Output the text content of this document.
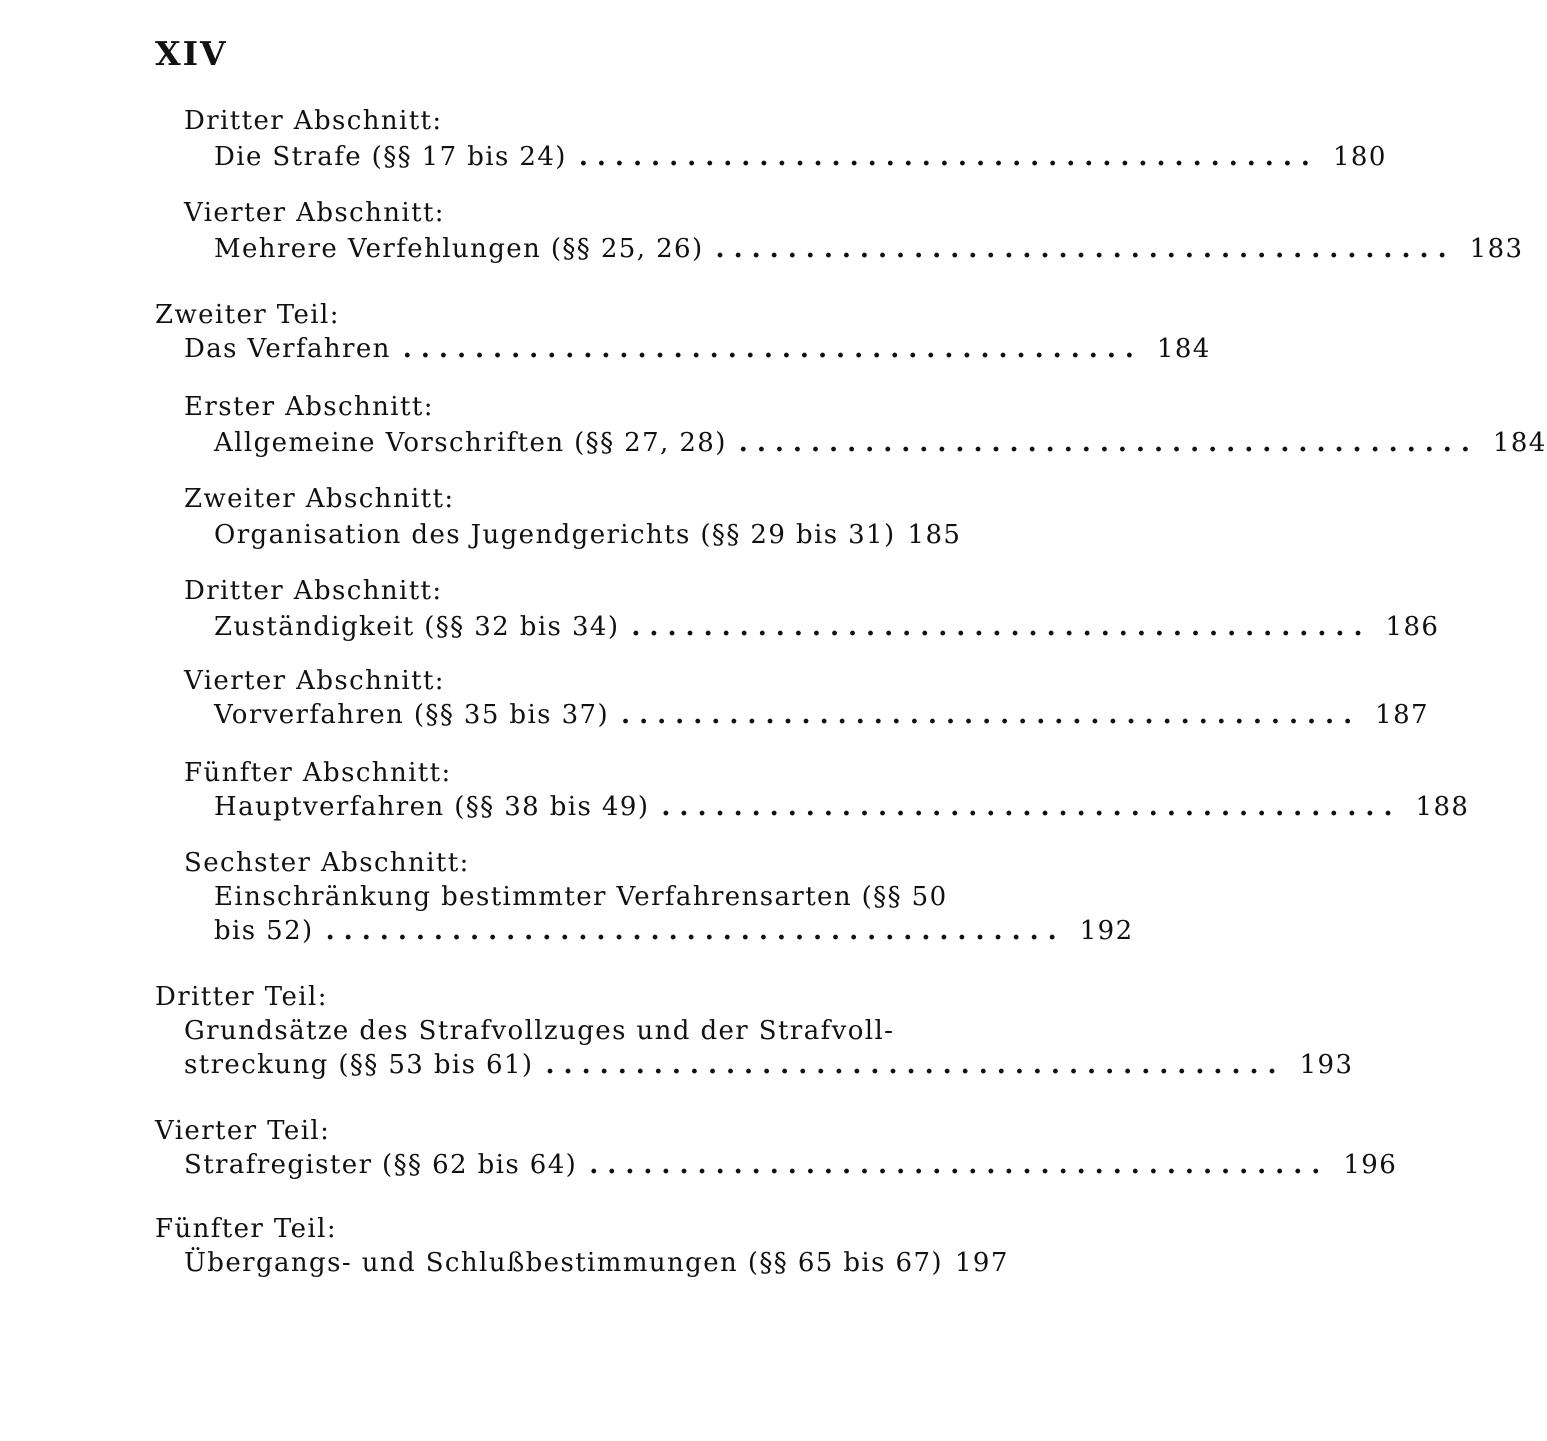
XIV
Dritter Abschnitt:
Die Strafe (§§ 17 bis 24) ......................................... 180
Vierter Abschnitt:
Mehrere Verfehlungen (§§ 25, 26) ......................................... 183
Zweiter Teil:
Das Verfahren ......................................... 184
Erster Abschnitt:
Allgemeine Vorschriften (§§ 27, 28) ......................................... 184
Zweiter Abschnitt:
Organisation des Jugendgerichts (§§ 29 bis 31) 185
Dritter Abschnitt:
Zuständigkeit (§§ 32 bis 34) ......................................... 186
Vierter Abschnitt:
Vorverfahren (§§ 35 bis 37) ......................................... 187
Fünfter Abschnitt:
Hauptverfahren (§§ 38 bis 49) ......................................... 188
Sechster Abschnitt:
Einschränkung bestimmter Verfahrensarten (§§ 50
bis 52) ......................................... 192
Dritter Teil:
Grundsätze des Strafvollzuges und der Strafvoll-
streckung (§§ 53 bis 61) ......................................... 193
Vierter Teil:
Strafregister (§§ 62 bis 64) ......................................... 196
Fünfter Teil:
Übergangs- und Schlußbestimmungen (§§ 65 bis 67) 197
